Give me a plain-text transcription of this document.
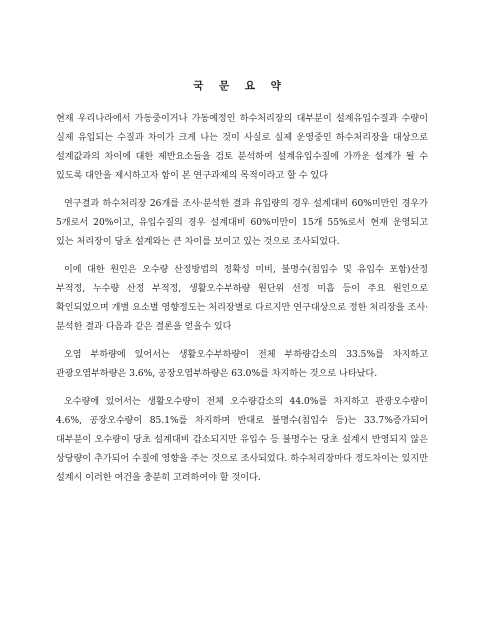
국 문 요 약

현재 우리나라에서 가동중이거나 가동예정인 하수처리장의 대부분이 설계유입수질과 수량이 실제 유입되는 수질과 차이가 크게 나는 것이 사실로 실제 운영중인 하수처리장을 대상으로 설계값과의 차이에 대한 제반요소들을 검토 분석하여 설계유입수질에 가까운 설계가 될 수 있도록 대안을 제시하고자 함이 본 연구과제의 목적이라고 할 수 있다

연구결과 하수처리장 26개를 조사·분석한 결과 유입량의 경우 설계대비 60%미만인 경우가 5개로서 20%이고, 유입수질의 경우 설계대비 60%미만이 15개 55%로서 현재 운영되고 있는 처리장이 당초 설계와는 큰 차이를 보이고 있는 것으로 조사되었다.

이에 대한 원인은 오수량 산정방법의 정확성 미비, 불명수(침입수 및 유입수 포함)산정 부적정, 누수량 산정 부적정, 생활오수부하량 원단위 선정 미흡 등이 주요 원인으로 확인되었으며 개별 요소별 영향정도는 처리장별로 다르지만 연구대상으로 정한 처리장을 조사·분석한 결과 다음과 같은 결론을 얻을수 있다

오염 부하량에 있어서는 생활오수부하량이 전체 부하량감소의 33.5%를 차지하고 관광오염부하량은 3.6%, 공장오염부하량은 63.0%를 차지하는 것으로 나타났다.

오수량에 있어서는 생활오수량이 전체 오수량감소의 44.0%를 차지하고 관광오수량이 4.6%, 공장오수량이 85.1%를 차지하며 반대로 불명수(침입수 등)는 33.7%증가되어 대부분이 오수량이 당초 설계대비 감소되지만 유입수 등 불명수는 당초 설계시 반영되지 않은 상당량이 추가되어 수질에 영향을 주는 것으로 조사되었다. 하수처리장마다 정도차이는 있지만 설계시 이러한 여건을 충분히 고려하여야 할 것이다.
